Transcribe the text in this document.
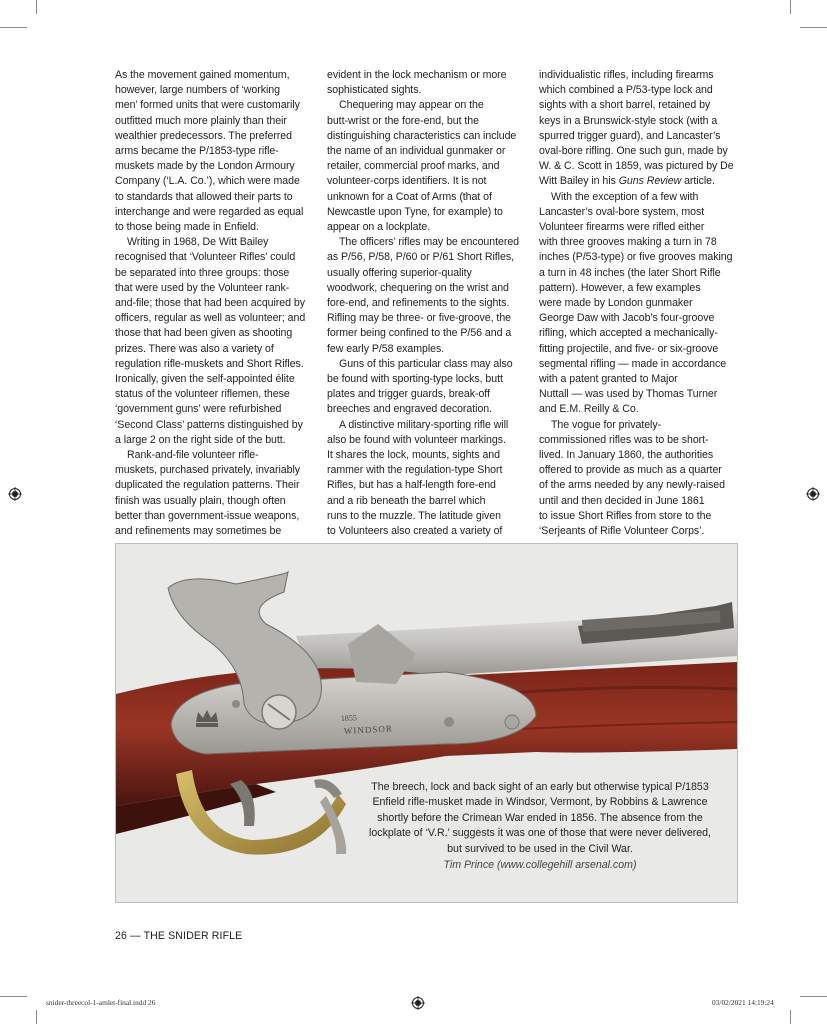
As the movement gained momentum,
however, large numbers of ‘working
men’ formed units that were customarily
outfitted much more plainly than their
wealthier predecessors. The preferred
arms became the P/1853-type rifle-
muskets made by the London Armoury
Company (‘L.A. Co.’), which were made
to standards that allowed their parts to
interchange and were regarded as equal
to those being made in Enfield.
Writing in 1968, De Witt Bailey
recognised that ‘Volunteer Rifles’ could
be separated into three groups: those
that were used by the Volunteer rank-
and-file; those that had been acquired by
officers, regular as well as volunteer; and
those that had been given as shooting
prizes. There was also a variety of
regulation rifle-muskets and Short Rifles.
Ironically, given the self-appointed élite
status of the volunteer riflemen, these
‘government guns’ were refurbished
‘Second Class’ patterns distinguished by
a large 2 on the right side of the butt.
Rank-and-file volunteer rifle-
muskets, purchased privately, invariably
duplicated the regulation patterns. Their
finish was usually plain, though often
better than government-issue weapons,
and refinements may sometimes be
evident in the lock mechanism or more
sophisticated sights.
Chequering may appear on the
butt-wrist or the fore-end, but the
distinguishing characteristics can include
the name of an individual gunmaker or
retailer, commercial proof marks, and
volunteer-corps identifiers. It is not
unknown for a Coat of Arms (that of
Newcastle upon Tyne, for example) to
appear on a lockplate.
The officers’ rifles may be encountered
as P/56, P/58, P/60 or P/61 Short Rifles,
usually offering superior-quality
woodwork, chequering on the wrist and
fore-end, and refinements to the sights.
Rifling may be three- or five-groove, the
former being confined to the P/56 and a
few early P/58 examples.
Guns of this particular class may also
be found with sporting-type locks, butt
plates and trigger guards, break-off
breeches and engraved decoration.
A distinctive military-sporting rifle will
also be found with volunteer markings.
It shares the lock, mounts, sights and
rammer with the regulation-type Short
Rifles, but has a half-length fore-end
and a rib beneath the barrel which
runs to the muzzle. The latitude given
to Volunteers also created a variety of
individualistic rifles, including firearms
which combined a P/53-type lock and
sights with a short barrel, retained by
keys in a Brunswick-style stock (with a
spurred trigger guard), and Lancaster’s
oval-bore rifling. One such gun, made by
W. & C. Scott in 1859, was pictured by De
Witt Bailey in his Guns Review article.
With the exception of a few with
Lancaster’s oval-bore system, most
Volunteer firearms were rifled either
with three grooves making a turn in 78
inches (P/53-type) or five grooves making
a turn in 48 inches (the later Short Rifle
pattern). However, a few examples
were made by London gunmaker
George Daw with Jacob’s four-groove
rifling, which accepted a mechanically-
fitting projectile, and five- or six-groove
segmental rifling — made in accordance
with a patent granted to Major
Nuttall — was used by Thomas Turner
and E.M. Reilly & Co.
The vogue for privately-
commissioned rifles was to be short-
lived. In January 1860, the authorities
offered to provide as much as a quarter
of the arms needed by any newly-raised
until and then decided in June 1861
to issue Short Rifles from store to the
‘Serjeants of Rifle Volunteer Corps’.
1855
WINDSOR
The breech, lock and back sight of an early but otherwise typical P/1853
Enfield rifle-musket made in Windsor, Vermont, by Robbins & Lawrence
shortly before the Crimean War ended in 1856. The absence from the
lockplate of ‘V.R.’ suggests it was one of those that were never delivered,
but survived to be used in the Civil War.
Tim Prince (www.collegehill arsenal.com)
26 — THE SNIDER RIFLE
snider-threecol-1-amlet-final.indd 26	03/02/2021 14:19:24
